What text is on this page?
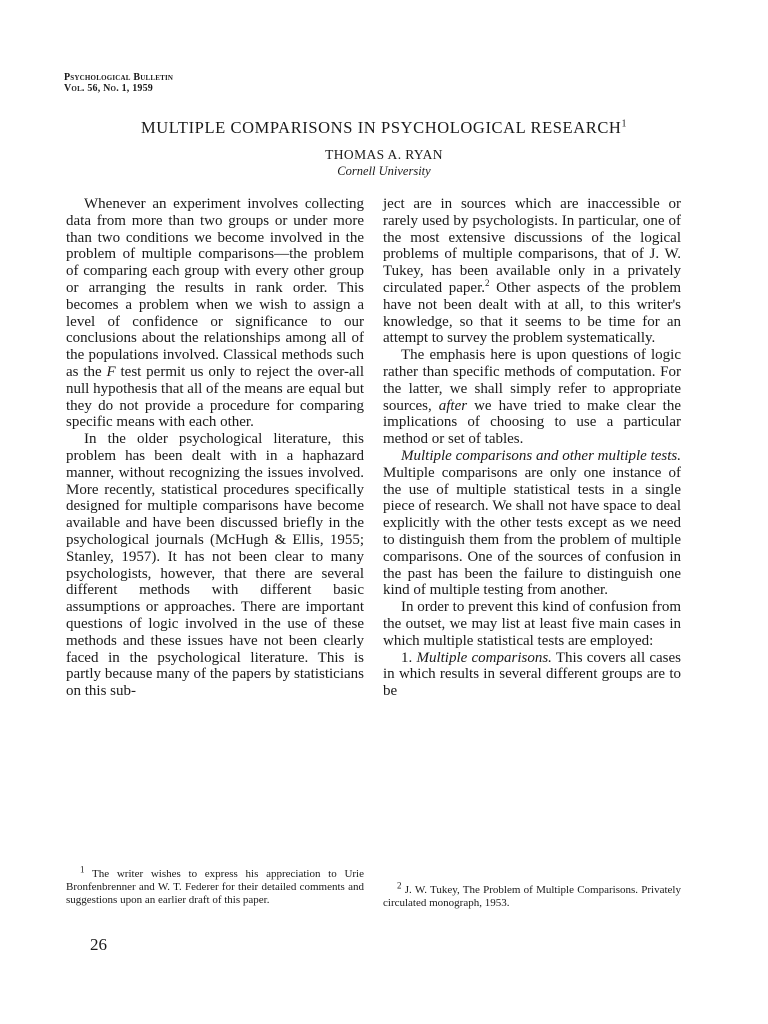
Psychological Bulletin
Vol. 56, No. 1, 1959
MULTIPLE COMPARISONS IN PSYCHOLOGICAL RESEARCH$^1$
THOMAS A. RYAN
Cornell University

Whenever an experiment involves collecting data from more than two groups or under more than two conditions we become involved in the problem of multiple comparisons—the problem of comparing each group with every other group or arranging the results in rank order. This becomes a problem when we wish to assign a level of confidence or significance to our conclusions about the relationships among all of the populations involved. Classical methods such as the F test permit us only to reject the over-all null hypothesis that all of the means are equal but they do not provide a procedure for comparing specific means with each other.

In the older psychological literature, this problem has been dealt with in a haphazard manner, without recognizing the issues involved. More recently, statistical procedures specifically designed for multiple comparisons have become available and have been discussed briefly in the psychological journals (McHugh & Ellis, 1955; Stanley, 1957). It has not been clear to many psychologists, however, that there are several different methods with different basic assumptions or approaches. There are important questions of logic involved in the use of these methods and these issues have not been clearly faced in the psychological literature. This is partly because many of the papers by statisticians on this sub-

ject are in sources which are inaccessible or rarely used by psychologists. In particular, one of the most extensive discussions of the logical problems of multiple comparisons, that of J. W. Tukey, has been available only in a privately circulated paper.$^2$ Other aspects of the problem have not been dealt with at all, to this writer's knowledge, so that it seems to be time for an attempt to survey the problem systematically.

The emphasis here is upon questions of logic rather than specific methods of computation. For the latter, we shall simply refer to appropriate sources, after we have tried to make clear the implications of choosing to use a particular method or set of tables.

Multiple comparisons and other multiple tests. Multiple comparisons are only one instance of the use of multiple statistical tests in a single piece of research. We shall not have space to deal explicitly with the other tests except as we need to distinguish them from the problem of multiple comparisons. One of the sources of confusion in the past has been the failure to distinguish one kind of multiple testing from another.

In order to prevent this kind of confusion from the outset, we may list at least five main cases in which multiple statistical tests are employed:

1. Multiple comparisons. This covers all cases in which results in several different groups are to be

$^1$ The writer wishes to express his appreciation to Urie Bronfenbrenner and W. T. Federer for their detailed comments and suggestions upon an earlier draft of this paper.

$^2$ J. W. Tukey, The Problem of Multiple Comparisons. Privately circulated monograph, 1953.

26
